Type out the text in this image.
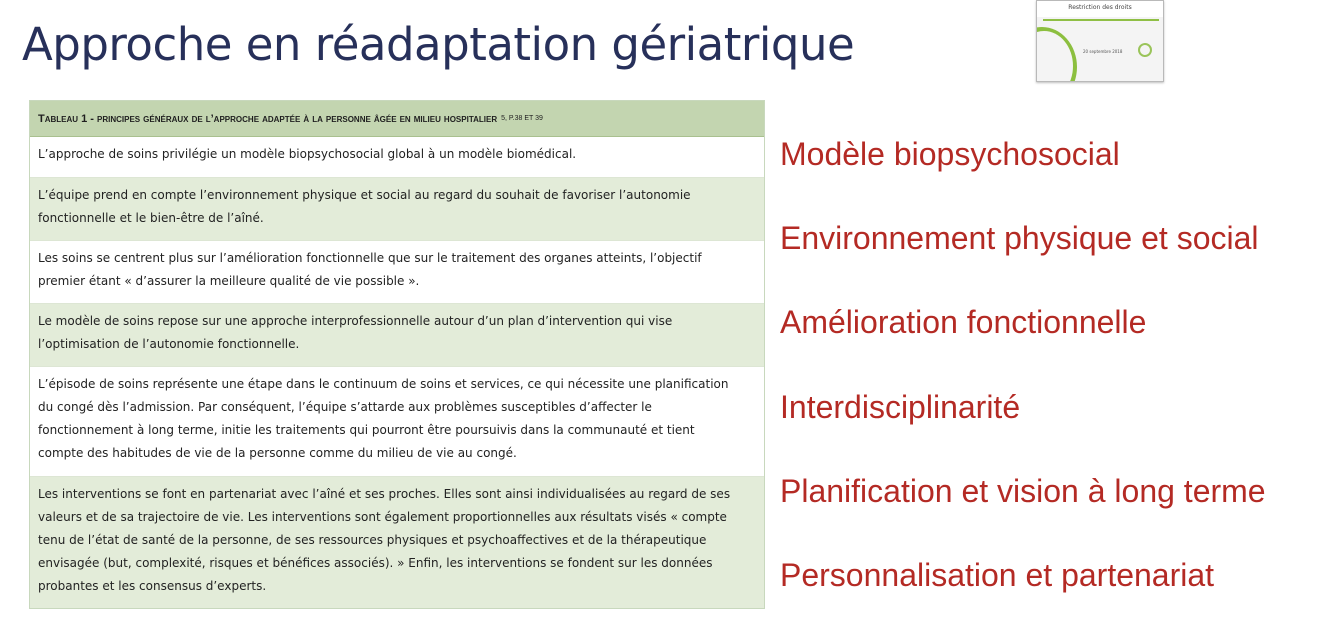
Approche en réadaptation gériatrique
Restriction des droits
20 septembre 2018
Tableau 1 - principes généraux de l’approche adaptée à la personne âgée en milieu hospitalier 5, P.38 ET 39
L’approche de soins privilégie un modèle biopsychosocial global à un modèle biomédical.
L’équipe prend en compte l’environnement physique et social au regard du souhait de favoriser l’autonomie
fonctionnelle et le bien-être de l’aîné.
Les soins se centrent plus sur l’amélioration fonctionnelle que sur le traitement des organes atteints, l’objectif
premier étant « d’assurer la meilleure qualité de vie possible ».
Le modèle de soins repose sur une approche interprofessionnelle autour d’un plan d’intervention qui vise
l’optimisation de l’autonomie fonctionnelle.
L’épisode de soins représente une étape dans le continuum de soins et services, ce qui nécessite une planification
du congé dès l’admission. Par conséquent, l’équipe s’attarde aux problèmes susceptibles d’affecter le
fonctionnement à long terme, initie les traitements qui pourront être poursuivis dans la communauté et tient
compte des habitudes de vie de la personne comme du milieu de vie au congé.
Les interventions se font en partenariat avec l’aîné et ses proches. Elles sont ainsi individualisées au regard de ses
valeurs et de sa trajectoire de vie. Les interventions sont également proportionnelles aux résultats visés « compte
tenu de l’état de santé de la personne, de ses ressources physiques et psychoaffectives et de la thérapeutique
envisagée (but, complexité, risques et bénéfices associés). » Enfin, les interventions se fondent sur les données
probantes et les consensus d’experts.
Modèle biopsychosocial
Environnement physique et social
Amélioration fonctionnelle
Interdisciplinarité
Planification et vision à long terme
Personnalisation et partenariat
